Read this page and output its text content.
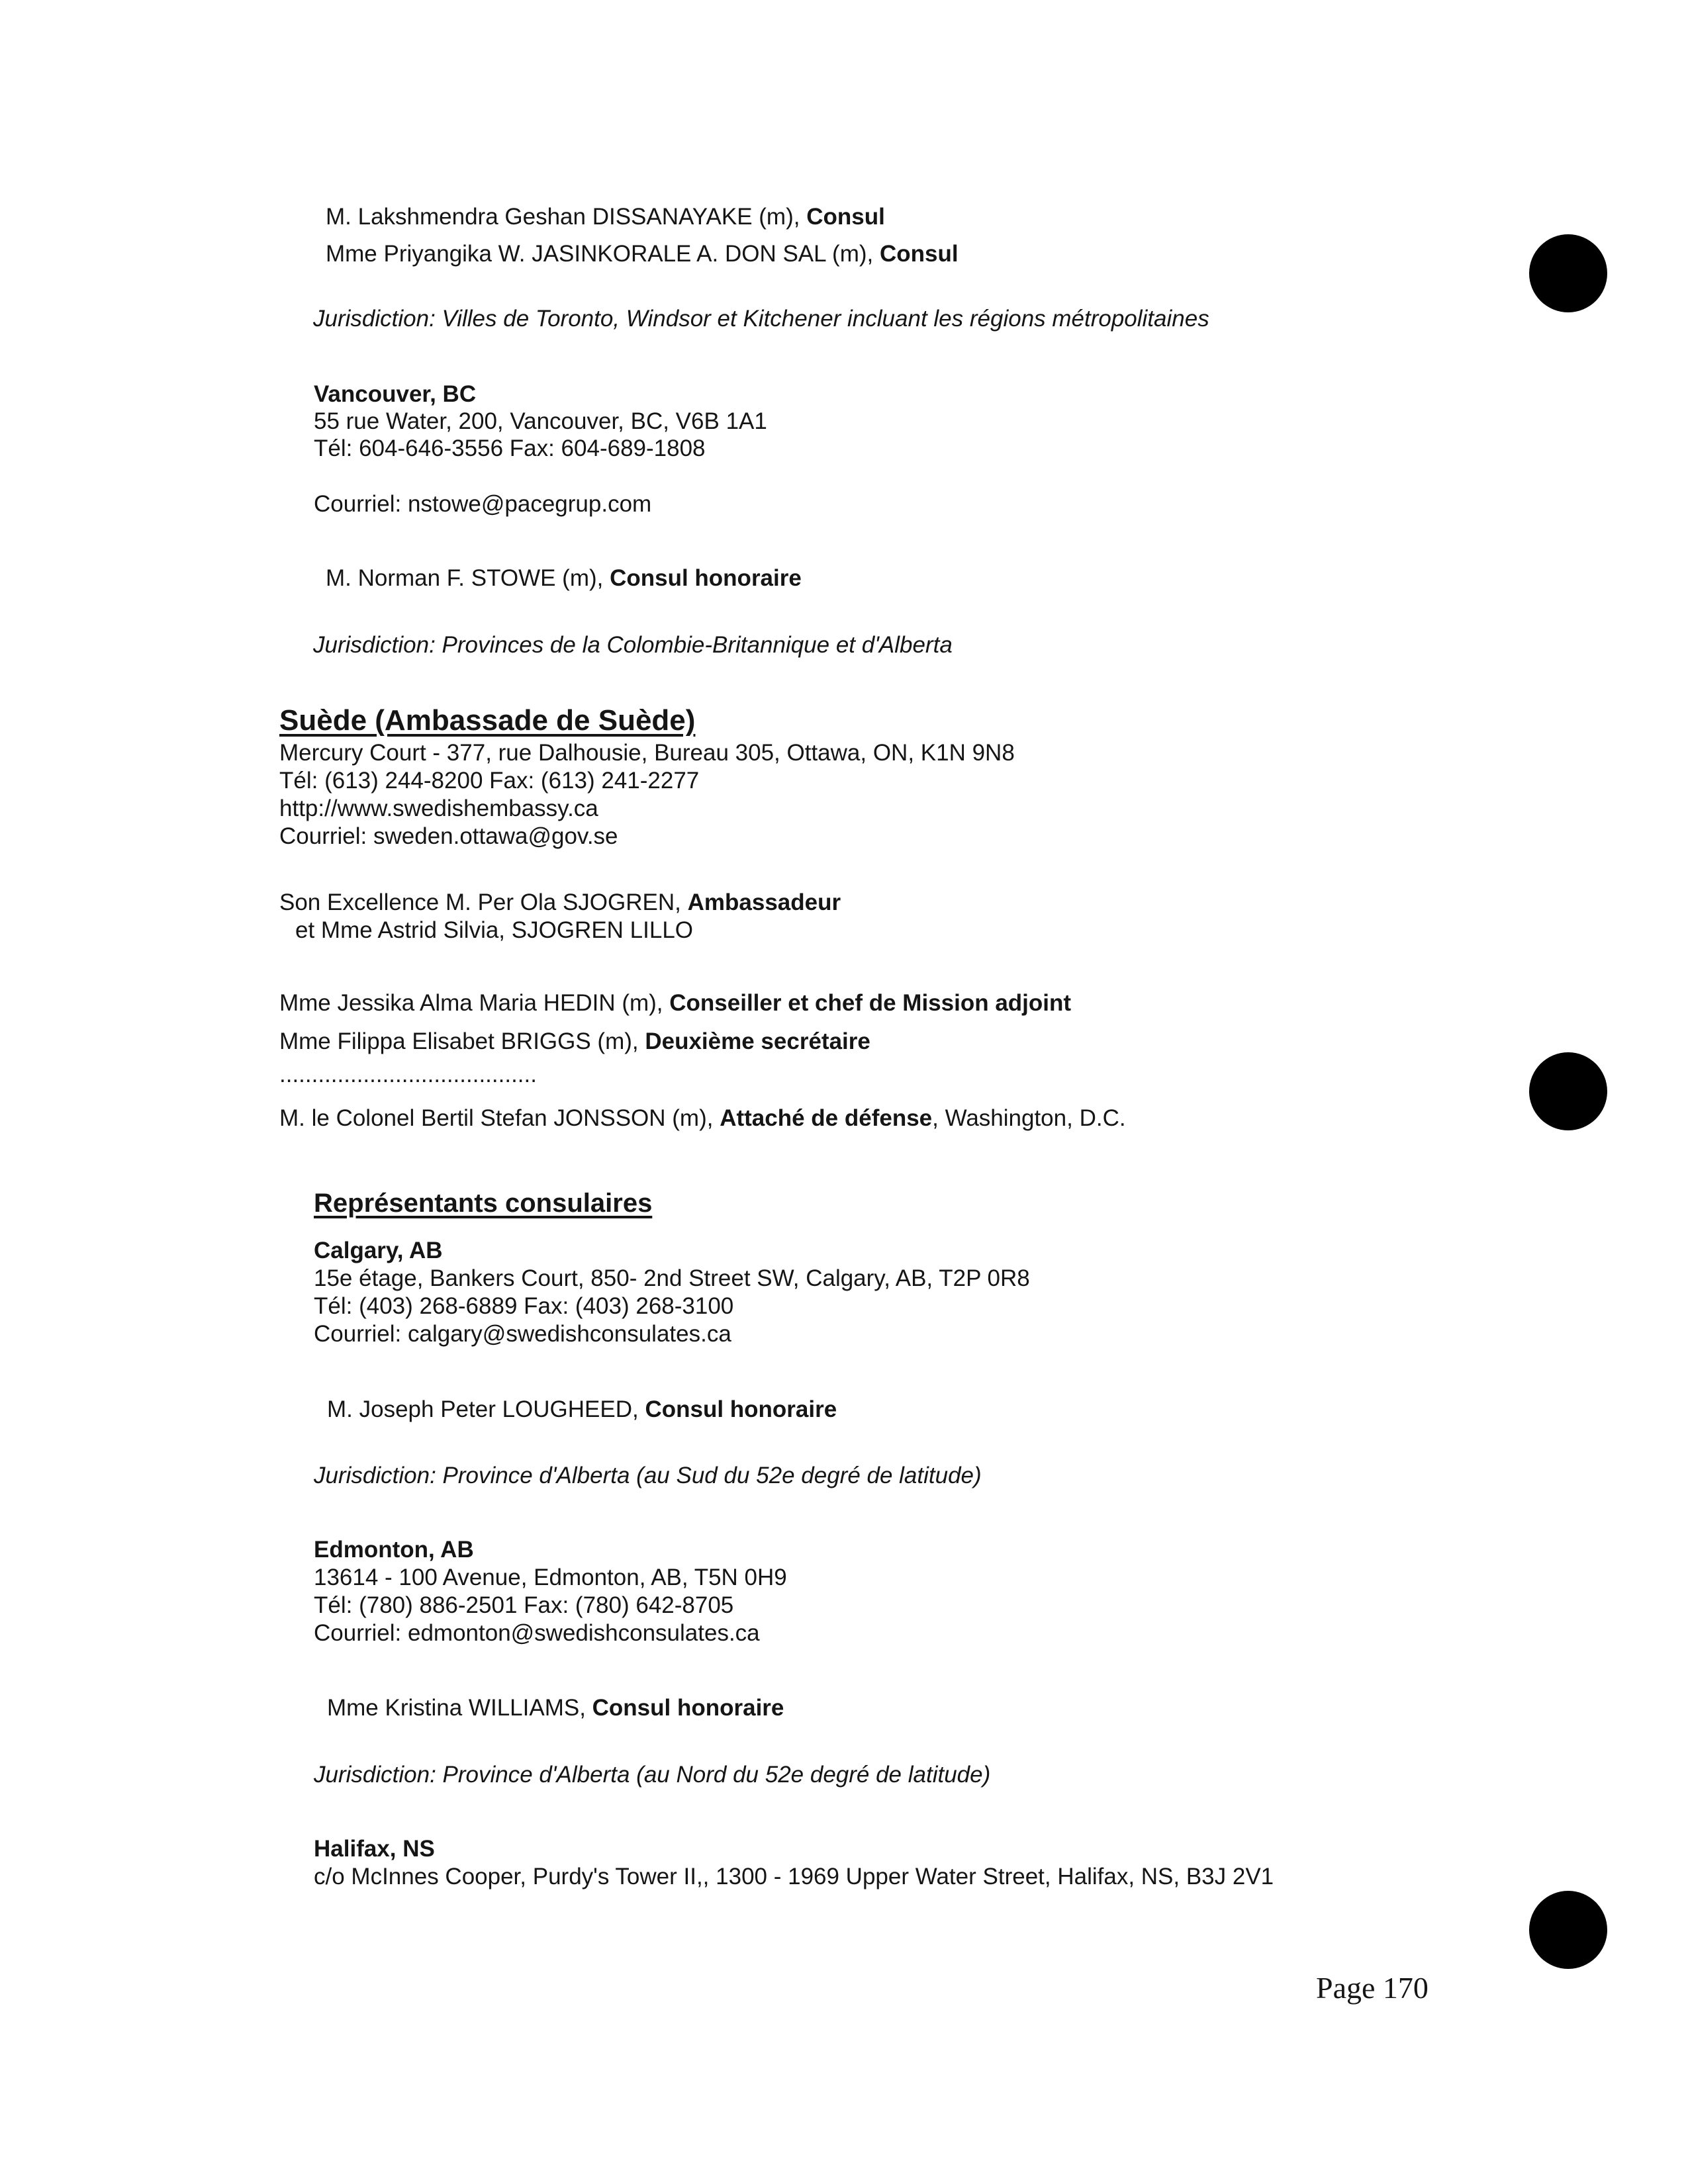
M. Lakshmendra Geshan DISSANAYAKE (m), Consul
Mme Priyangika W. JASINKORALE A. DON SAL (m), Consul
Jurisdiction: Villes de Toronto, Windsor et Kitchener incluant les régions métropolitaines
Vancouver, BC
55 rue Water, 200, Vancouver, BC, V6B 1A1
Tél: 604-646-3556 Fax: 604-689-1808
Courriel: nstowe@pacegrup.com
M. Norman F. STOWE (m), Consul honoraire
Jurisdiction: Provinces de la Colombie-Britannique et d'Alberta
Suède (Ambassade de Suède)
Mercury Court - 377, rue Dalhousie, Bureau 305, Ottawa, ON, K1N 9N8
Tél: (613) 244-8200 Fax: (613) 241-2277
http://www.swedishembassy.ca
Courriel: sweden.ottawa@gov.se
Son Excellence M. Per Ola SJOGREN, Ambassadeur
et Mme Astrid Silvia, SJOGREN LILLO
Mme Jessika Alma Maria HEDIN (m), Conseiller et chef de Mission adjoint
Mme Filippa Elisabet BRIGGS (m), Deuxième secrétaire
........................................
M. le Colonel Bertil Stefan JONSSON (m), Attaché de défense, Washington, D.C.
Représentants consulaires
Calgary, AB
15e étage, Bankers Court, 850- 2nd Street SW, Calgary, AB, T2P 0R8
Tél: (403) 268-6889 Fax: (403) 268-3100
Courriel: calgary@swedishconsulates.ca
M. Joseph Peter LOUGHEED, Consul honoraire
Jurisdiction: Province d'Alberta (au Sud du 52e degré de latitude)
Edmonton, AB
13614 - 100 Avenue, Edmonton, AB, T5N 0H9
Tél: (780) 886-2501 Fax: (780) 642-8705
Courriel: edmonton@swedishconsulates.ca
Mme Kristina WILLIAMS, Consul honoraire
Jurisdiction: Province d'Alberta (au Nord du 52e degré de latitude)
Halifax, NS
c/o McInnes Cooper, Purdy's Tower II,, 1300 - 1969 Upper Water Street, Halifax, NS, B3J 2V1
Page 170
